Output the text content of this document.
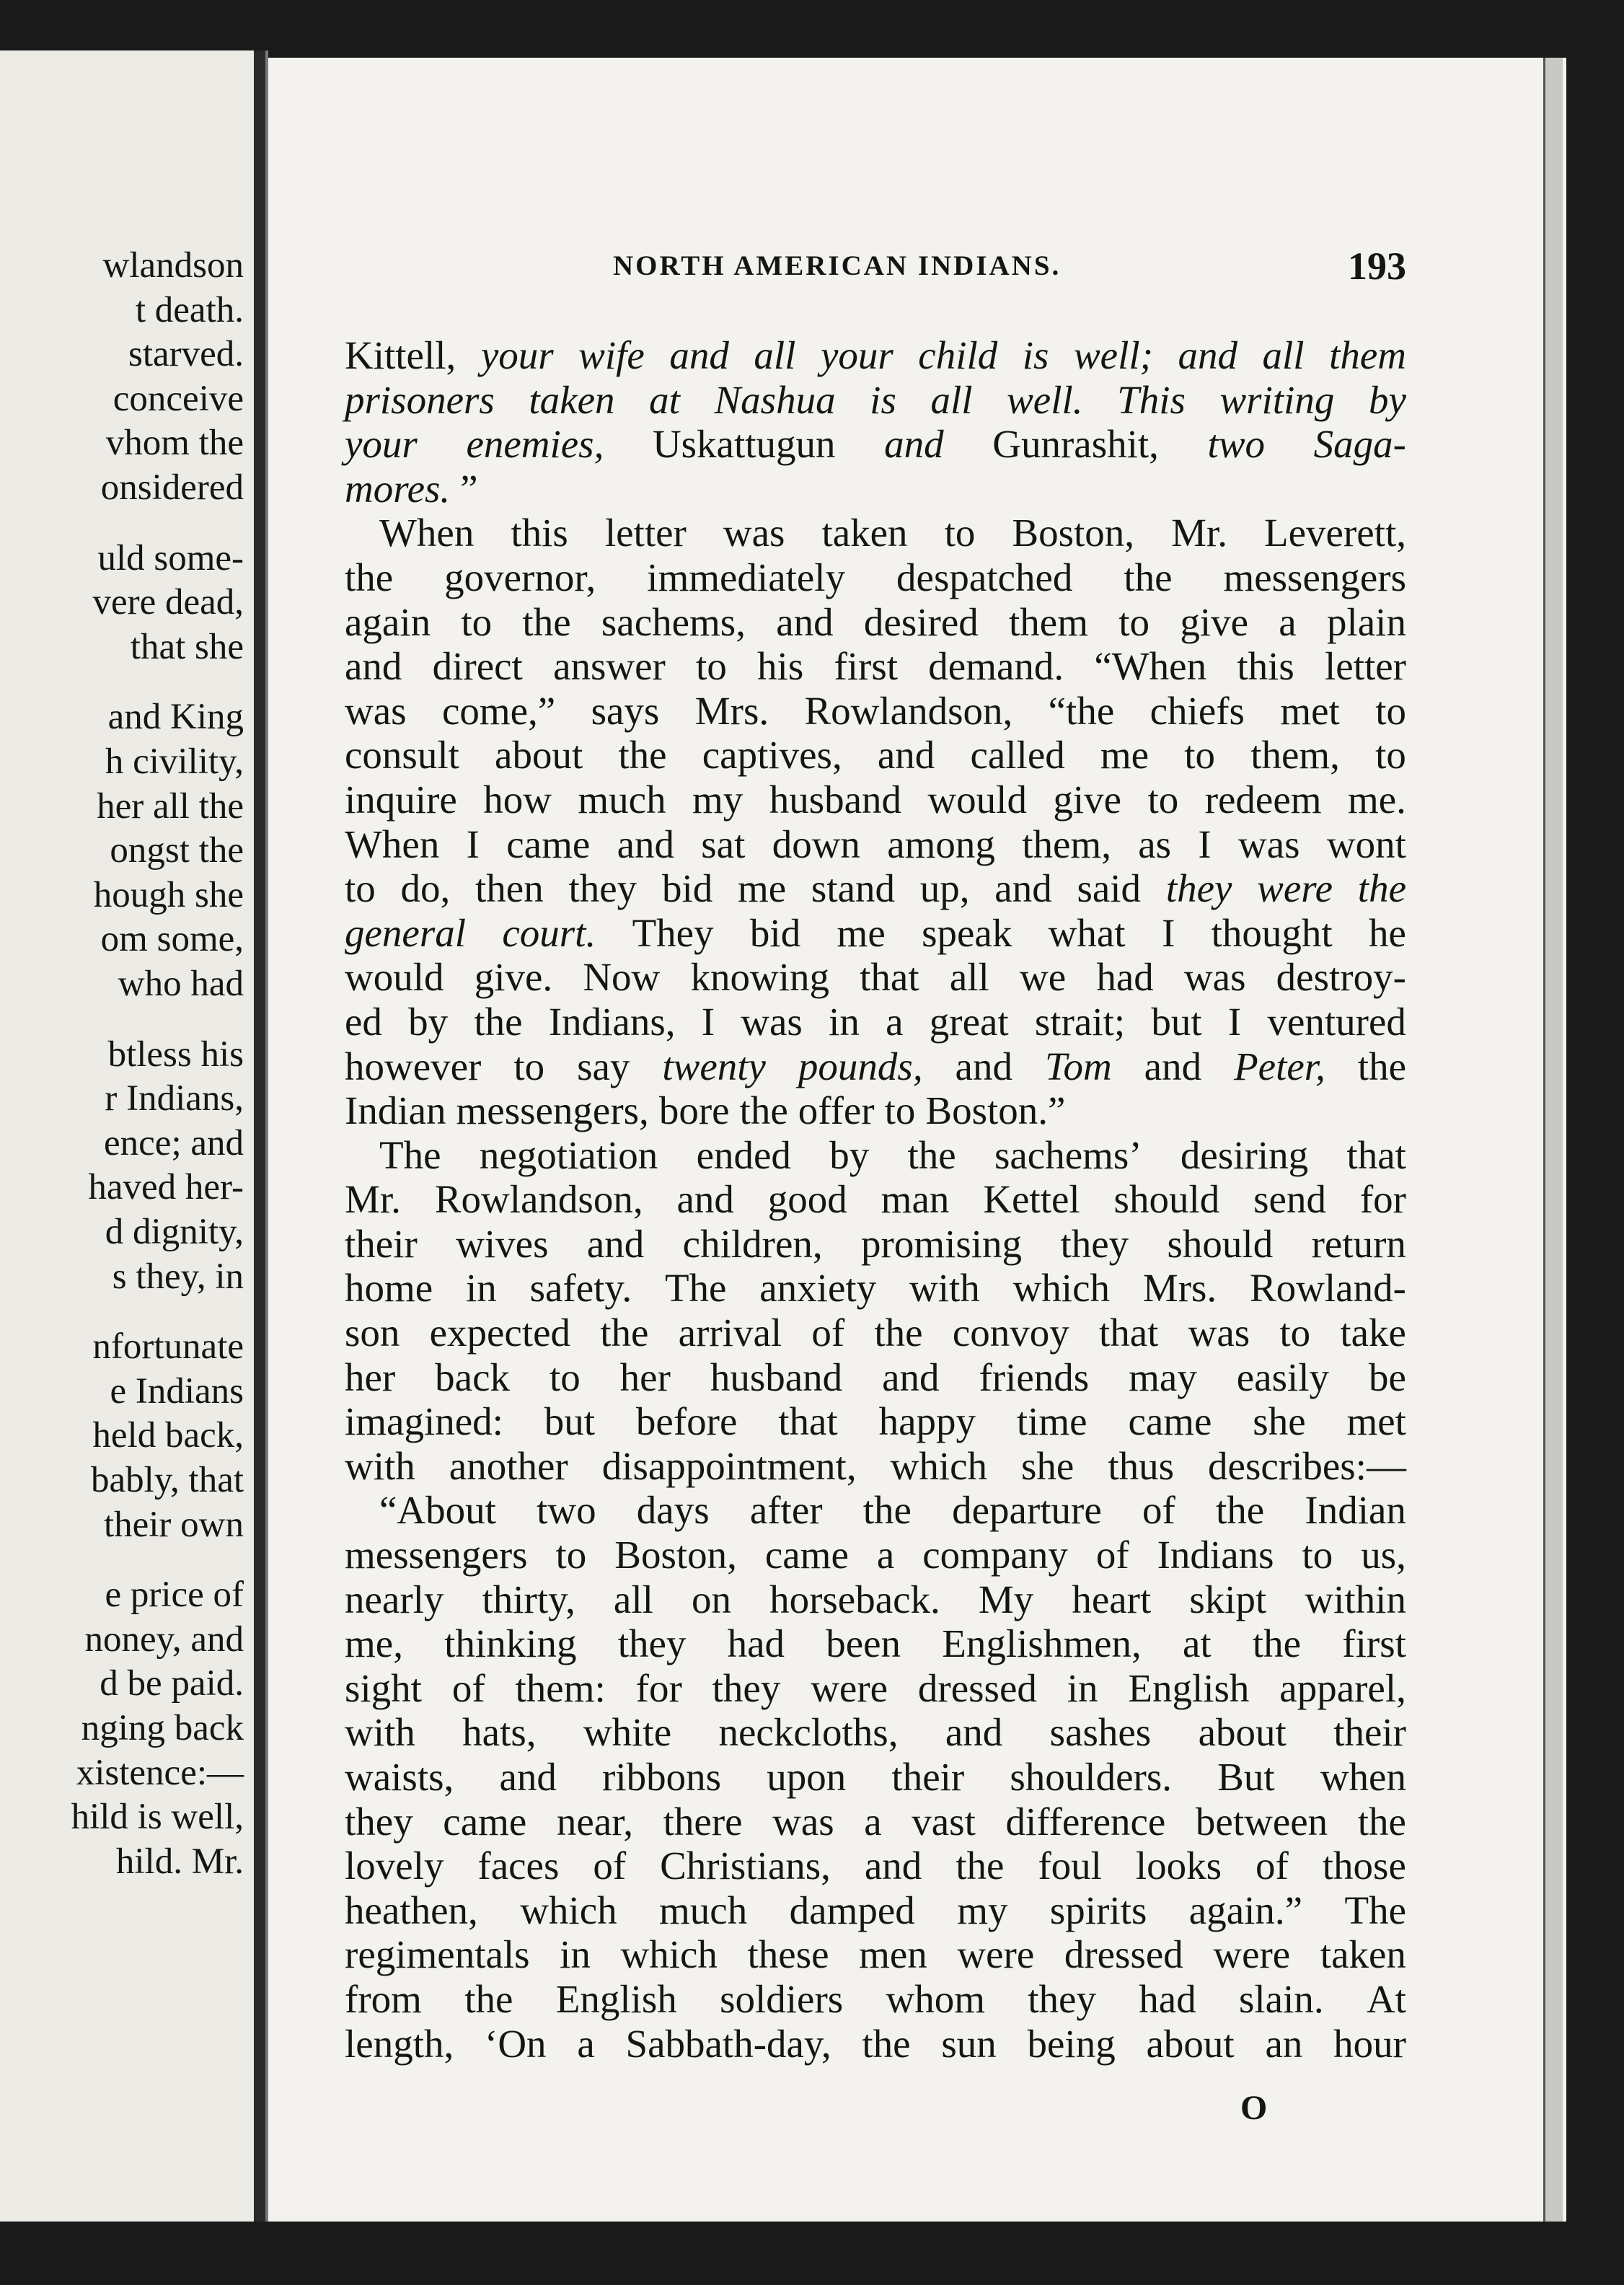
wlandson
t death.
starved.
conceive
vhom the
onsidered
uld some-
vere dead,
that she
and King
h civility,
her all the
ongst the
hough she
om some,
who had
btless his
r Indians,
ence; and
haved her-
d dignity,
s they, in
nfortunate
e Indians
held back,
bably, that
their own
e price of
noney, and
d be paid.
nging back
xistence:—
hild is well,
hild. Mr.
NORTH AMERICAN INDIANS.	193
Kittell, your wife and all your child is well; and all them
prisoners taken at Nashua is all well. This writing by
your enemies, Uskattugun and Gunrashit, two Saga-
mores. ”
When this letter was taken to Boston, Mr. Leverett,
the governor, immediately despatched the messengers
again to the sachems, and desired them to give a plain
and direct answer to his first demand. “When this letter
was come,” says Mrs. Rowlandson, “the chiefs met to
consult about the captives, and called me to them, to
inquire how much my husband would give to redeem me.
When I came and sat down among them, as I was wont
to do, then they bid me stand up, and said they were the
general court. They bid me speak what I thought he
would give. Now knowing that all we had was destroy-
ed by the Indians, I was in a great strait; but I ventured
however to say twenty pounds, and Tom and Peter, the
Indian messengers, bore the offer to Boston.”
The negotiation ended by the sachems’ desiring that
Mr. Rowlandson, and good man Kettel should send for
their wives and children, promising they should return
home in safety. The anxiety with which Mrs. Rowland-
son expected the arrival of the convoy that was to take
her back to her husband and friends may easily be
imagined: but before that happy time came she met
with another disappointment, which she thus describes:—
“About two days after the departure of the Indian
messengers to Boston, came a company of Indians to us,
nearly thirty, all on horseback. My heart skipt within
me, thinking they had been Englishmen, at the first
sight of them: for they were dressed in English apparel,
with hats, white neckcloths, and sashes about their
waists, and ribbons upon their shoulders. But when
they came near, there was a vast difference between the
lovely faces of Christians, and the foul looks of those
heathen, which much damped my spirits again.” The
regimentals in which these men were dressed were taken
from the English soldiers whom they had slain. At
length, ‘On a Sabbath-day, the sun being about an hour
O
